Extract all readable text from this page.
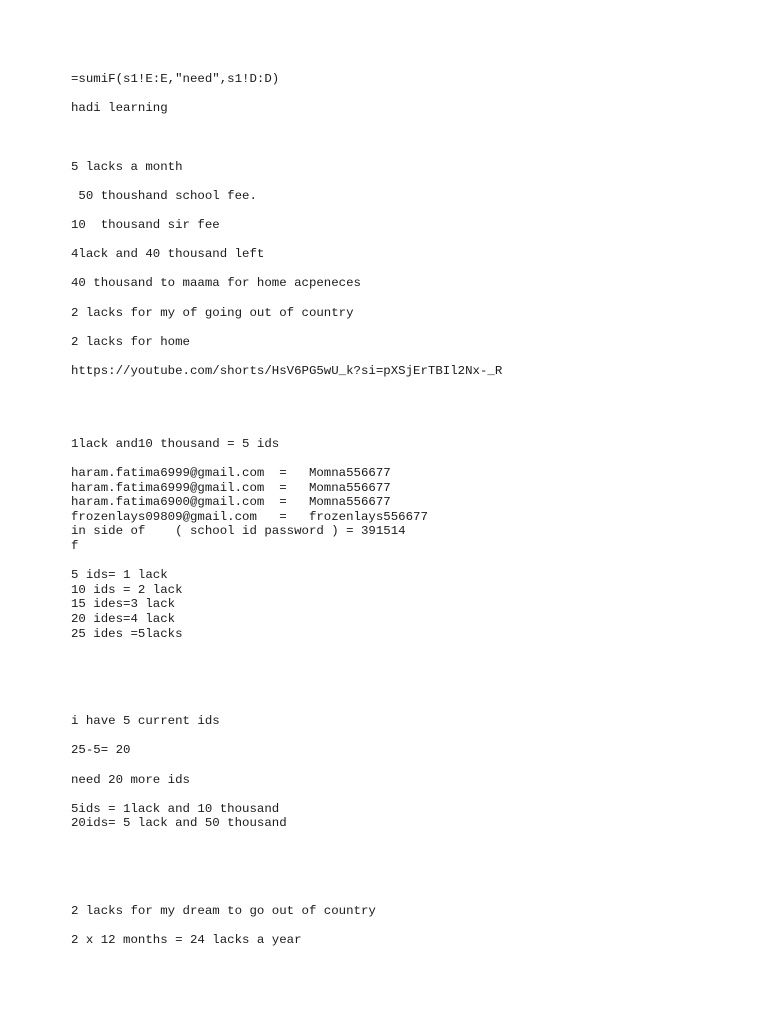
=sumiF(s1!E:E,"need",s1!D:D)
hadi learning
5 lacks a month
50 thoushand school fee.
10  thousand sir fee
4lack and 40 thousand left
40 thousand to maama for home acpeneces
2 lacks for my of going out of country
2 lacks for home
https://youtube.com/shorts/HsV6PG5wU_k?si=pXSjErTBIl2Nx-_R
1lack and10 thousand = 5 ids
haram.fatima6999@gmail.com  =   Momna556677
haram.fatima6999@gmail.com  =   Momna556677
haram.fatima6900@gmail.com  =   Momna556677
frozenlays09809@gmail.com   =   frozenlays556677
in side of    ( school id password ) = 391514
f
5 ids= 1 lack
10 ids = 2 lack
15 ides=3 lack
20 ides=4 lack
25 ides =5lacks
i have 5 current ids
25-5= 20
need 20 more ids
5ids = 1lack and 10 thousand
20ids= 5 lack and 50 thousand
2 lacks for my dream to go out of country
2 x 12 months = 24 lacks a year
